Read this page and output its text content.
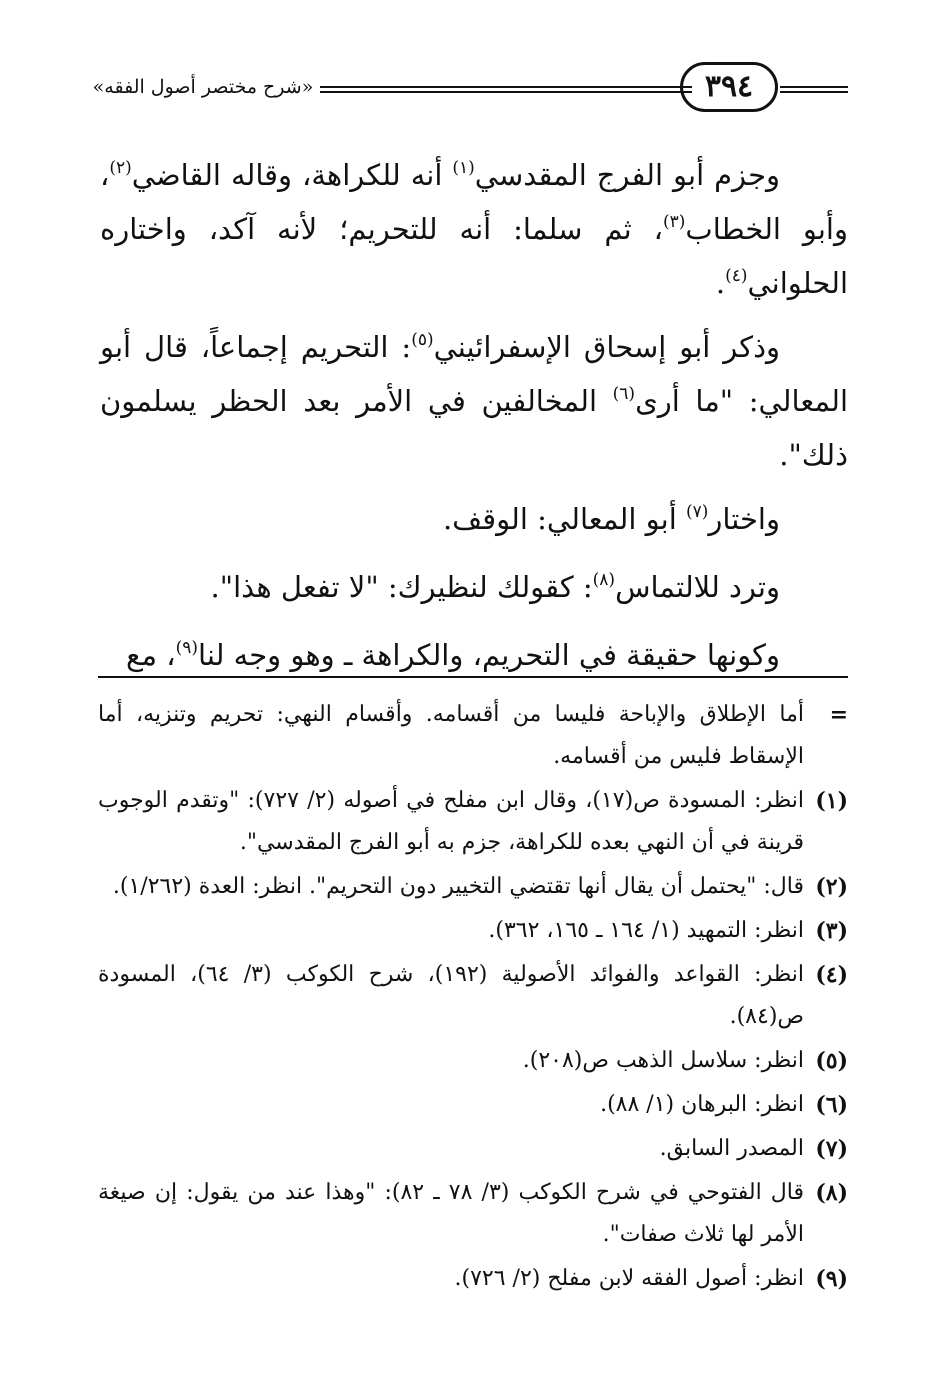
٣٩٤
«شرح مختصر أصول الفقه»

وجزم أبو الفرج المقدسي$^{(١)}$ أنه للكراهة، وقاله القاضي$^{(٢)}$، وأبو الخطاب$^{(٣)}$، ثم سلما: أنه للتحريم؛ لأنه آكد، واختاره الحلواني$^{(٤)}$.

وذكر أبو إسحاق الإسفرائيني$^{(٥)}$: التحريم إجماعاً، قال أبو المعالي: "ما أرى$^{(٦)}$ المخالفين في الأمر بعد الحظر يسلمون ذلك".

واختار$^{(٧)}$ أبو المعالي: الوقف.

وترد للالتماس$^{(٨)}$: كقولك لنظيرك: "لا تفعل هذا".

وكونها حقيقة في التحريم، والكراهة ـ وهو وجه لنا$^{(٩)}$، مع

=
أما الإطلاق والإباحة فليسا من أقسامه. وأقسام النهي: تحريم وتنزيه، أما الإسقاط فليس من أقسامه.
(١)
انظر: المسودة ص(١٧)، وقال ابن مفلح في أصوله (٢/ ٧٢٧): "وتقدم الوجوب قرينة في أن النهي بعده للكراهة، جزم به أبو الفرج المقدسي".
(٢)
قال: "يحتمل أن يقال أنها تقتضي التخيير دون التحريم". انظر: العدة (١/٢٦٢).
(٣)
انظر: التمهيد (١/ ١٦٤ ـ ١٦٥، ٣٦٢).
(٤)
انظر: القواعد والفوائد الأصولية (١٩٢)، شرح الكوكب (٣/ ٦٤)، المسودة ص(٨٤).
(٥)
انظر: سلاسل الذهب ص(٢٠٨).
(٦)
انظر: البرهان (١/ ٨٨).
(٧)
المصدر السابق.
(٨)
قال الفتوحي في شرح الكوكب (٣/ ٧٨ ـ ٨٢): "وهذا عند من يقول: إن صيغة الأمر لها ثلاث صفات".
(٩)
انظر: أصول الفقه لابن مفلح (٢/ ٧٢٦).
